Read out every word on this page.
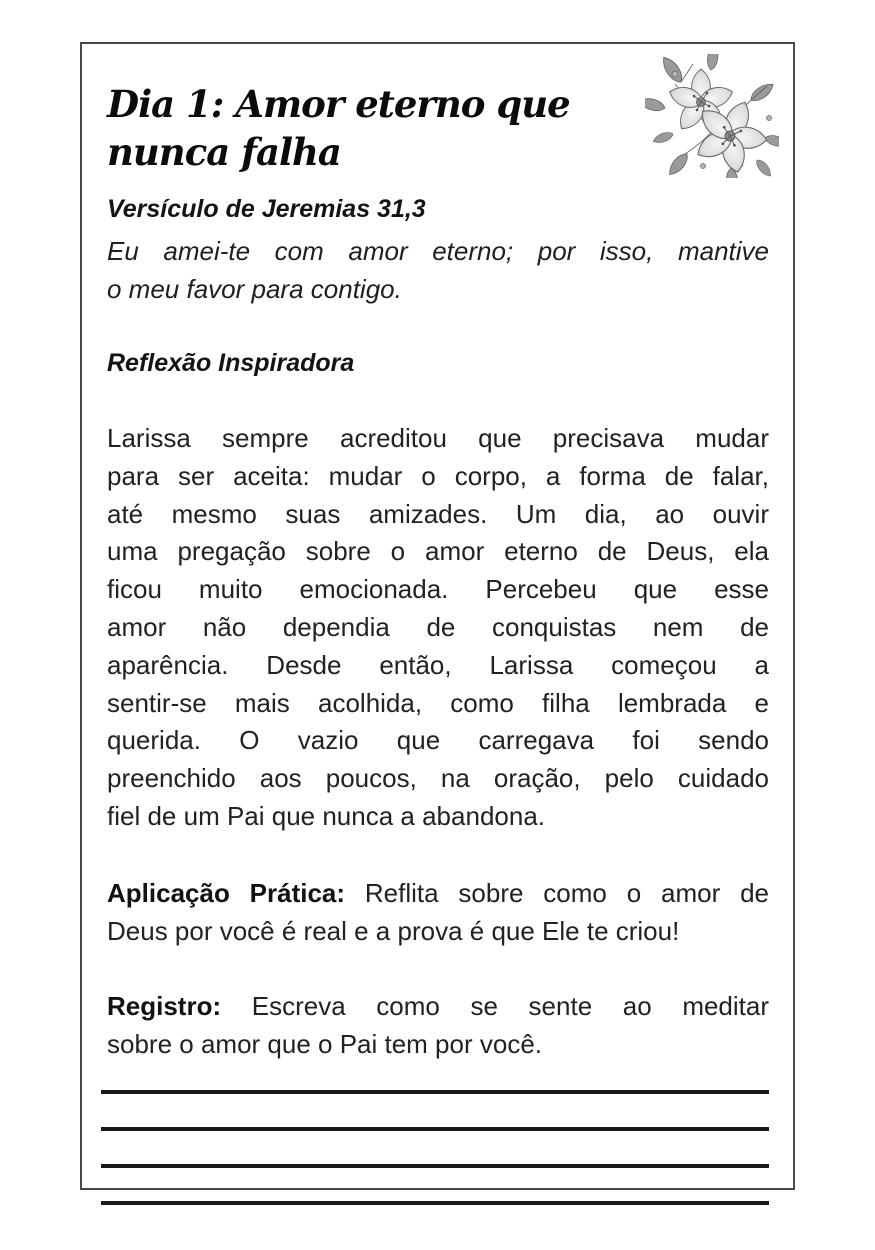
Dia 1: Amor eterno que nunca falha
Versículo de Jeremias 31,3
Eu amei-te com amor eterno; por isso, mantive
o meu favor para contigo.
Reflexão Inspiradora
Larissa sempre acreditou que precisava mudar
para ser aceita: mudar o corpo, a forma de falar,
até mesmo suas amizades. Um dia, ao ouvir
uma pregação sobre o amor eterno de Deus, ela
ficou muito emocionada. Percebeu que esse
amor não dependia de conquistas nem de
aparência. Desde então, Larissa começou a
sentir-se mais acolhida, como filha lembrada e
querida. O vazio que carregava foi sendo
preenchido aos poucos, na oração, pelo cuidado
fiel de um Pai que nunca a abandona.
Aplicação Prática: Reflita sobre como o amor de
Deus por você é real e a prova é que Ele te criou!
Registro: Escreva como se sente ao meditar
sobre o amor que o Pai tem por você.
